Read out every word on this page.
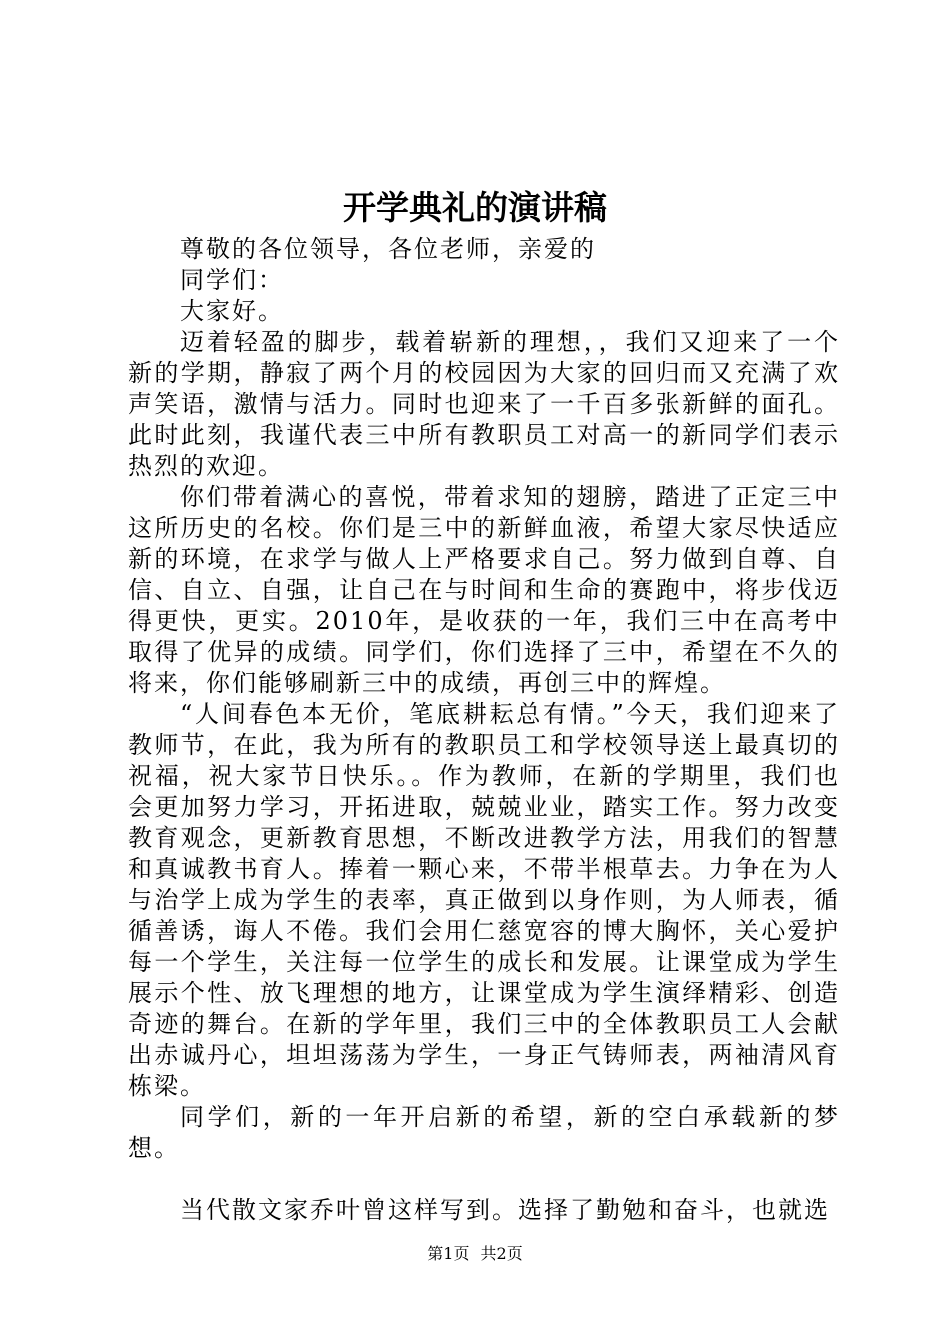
开学典礼的演讲稿

尊敬的各位领导，各位老师，亲爱的

同学们：

大家好。

迈着轻盈的脚步，载着崭新的理想，，我们又迎来了一个新的学期，静寂了两个月的校园因为大家的回归而又充满了欢声笑语，激情与活力。同时也迎来了一千百多张新鲜的面孔。此时此刻，我谨代表三中所有教职员工对高一的新同学们表示热烈的欢迎。

你们带着满心的喜悦，带着求知的翅膀，踏进了正定三中这所历史的名校。你们是三中的新鲜血液，希望大家尽快适应新的环境，在求学与做人上严格要求自己。努力做到自尊、自信、自立、自强，让自己在与时间和生命的赛跑中，将步伐迈得更快，更实。2010年，是收获的一年，我们三中在高考中取得了优异的成绩。同学们，你们选择了三中，希望在不久的将来，你们能够刷新三中的成绩，再创三中的辉煌。

“人间春色本无价，笔底耕耘总有情。”今天，我们迎来了教师节，在此，我为所有的教职员工和学校领导送上最真切的祝福，祝大家节日快乐。。作为教师，在新的学期里，我们也会更加努力学习，开拓进取，兢兢业业，踏实工作。努力改变教育观念，更新教育思想，不断改进教学方法，用我们的智慧和真诚教书育人。捧着一颗心来，不带半根草去。力争在为人与治学上成为学生的表率，真正做到以身作则，为人师表，循循善诱，诲人不倦。我们会用仁慈宽容的博大胸怀，关心爱护每一个学生，关注每一位学生的成长和发展。让课堂成为学生展示个性、放飞理想的地方，让课堂成为学生演绎精彩、创造奇迹的舞台。在新的学年里，我们三中的全体教职员工人会献出赤诚丹心，坦坦荡荡为学生，一身正气铸师表，两袖清风育栋梁。

同学们，新的一年开启新的希望，新的空白承载新的梦想。

当代散文家乔叶曾这样写到。选择了勤勉和奋斗，也就选

第1页 共2页
